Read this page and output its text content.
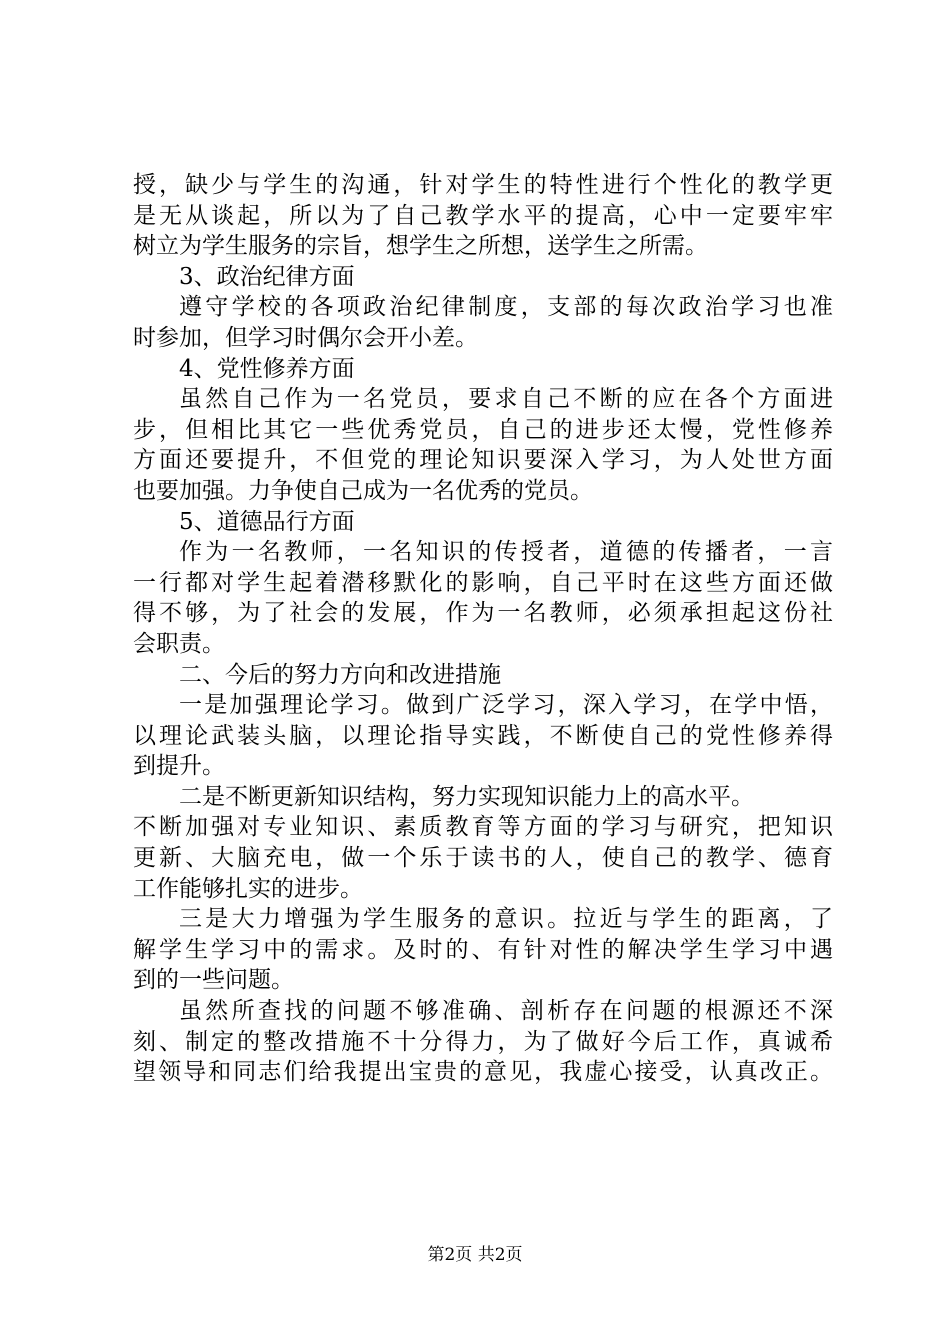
授，缺少与学生的沟通，针对学生的特性进行个性化的教学更
是无从谈起，所以为了自己教学水平的提高，心中一定要牢牢
树立为学生服务的宗旨，想学生之所想，送学生之所需。
3、政治纪律方面
遵守学校的各项政治纪律制度，支部的每次政治学习也准
时参加，但学习时偶尔会开小差。
4、党性修养方面
虽然自己作为一名党员，要求自己不断的应在各个方面进
步，但相比其它一些优秀党员，自己的进步还太慢，党性修养
方面还要提升，不但党的理论知识要深入学习，为人处世方面
也要加强。力争使自己成为一名优秀的党员。
5、道德品行方面
作为一名教师，一名知识的传授者，道德的传播者，一言
一行都对学生起着潜移默化的影响，自己平时在这些方面还做
得不够，为了社会的发展，作为一名教师，必须承担起这份社
会职责。
二、今后的努力方向和改进措施
一是加强理论学习。做到广泛学习，深入学习，在学中悟，
以理论武装头脑，以理论指导实践，不断使自己的党性修养得
到提升。
二是不断更新知识结构，努力实现知识能力上的高水平。
不断加强对专业知识、素质教育等方面的学习与研究，把知识
更新、大脑充电，做一个乐于读书的人，使自己的教学、德育
工作能够扎实的进步。
三是大力增强为学生服务的意识。拉近与学生的距离，了
解学生学习中的需求。及时的、有针对性的解决学生学习中遇
到的一些问题。
虽然所查找的问题不够准确、剖析存在问题的根源还不深
刻、制定的整改措施不十分得力，为了做好今后工作，真诚希
望领导和同志们给我提出宝贵的意见，我虚心接受，认真改正。
第2页 共2页
